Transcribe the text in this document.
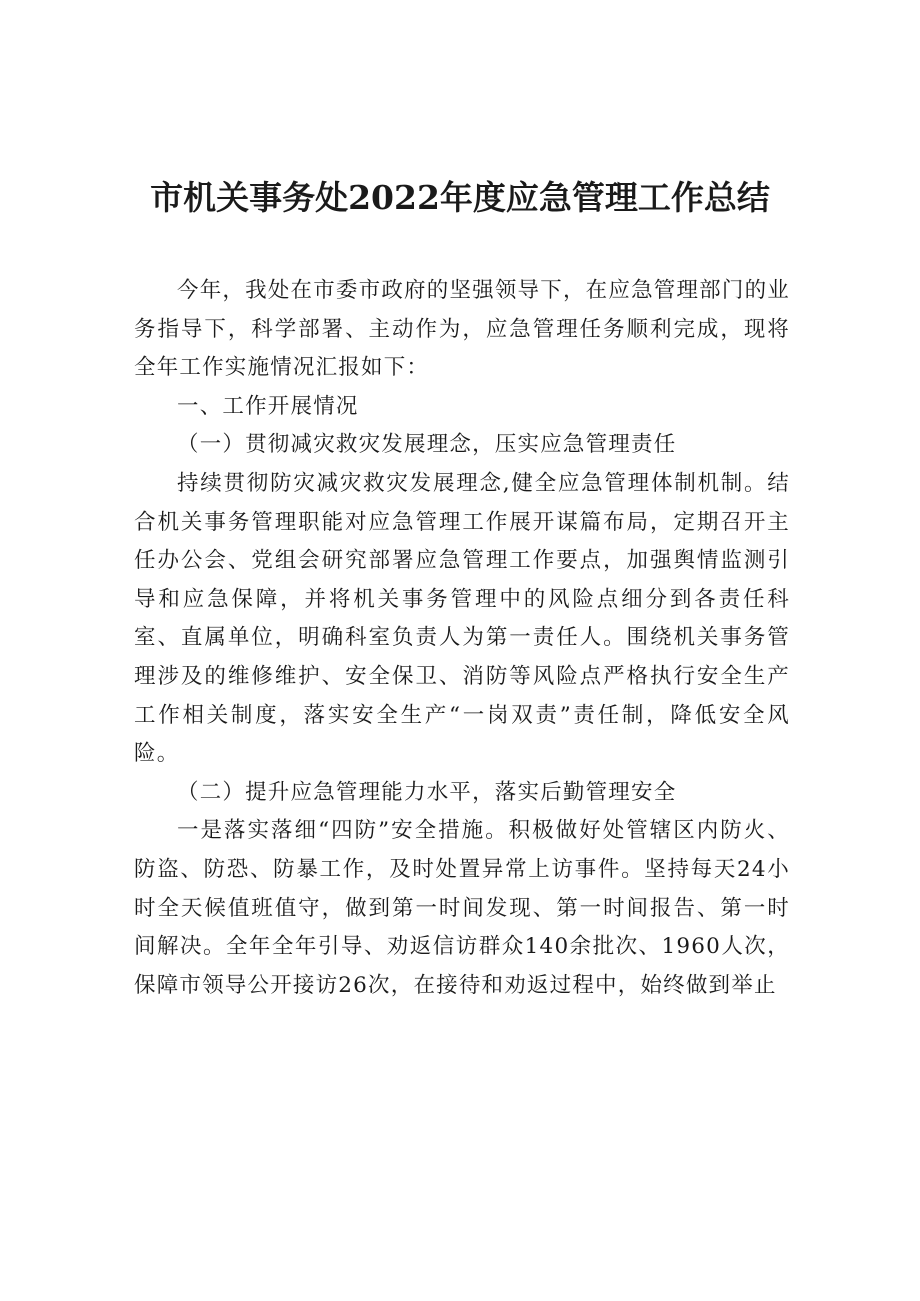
市机关事务处2022年度应急管理工作总结

今年，我处在市委市政府的坚强领导下，在应急管理部门的业务指导下，科学部署、主动作为，应急管理任务顺利完成，现将全年工作实施情况汇报如下：

一、工作开展情况

（一）贯彻减灾救灾发展理念，压实应急管理责任

持续贯彻防灾减灾救灾发展理念,健全应急管理体制机制。结合机关事务管理职能对应急管理工作展开谋篇布局，定期召开主任办公会、党组会研究部署应急管理工作要点，加强舆情监测引导和应急保障，并将机关事务管理中的风险点细分到各责任科室、直属单位，明确科室负责人为第一责任人。围绕机关事务管理涉及的维修维护、安全保卫、消防等风险点严格执行安全生产工作相关制度，落实安全生产“一岗双责”责任制，降低安全风险。

（二）提升应急管理能力水平，落实后勤管理安全

一是落实落细“四防”安全措施。积极做好处管辖区内防火、防盗、防恐、防暴工作，及时处置异常上访事件。坚持每天24小时全天候值班值守，做到第一时间发现、第一时间报告、第一时间解决。全年全年引导、劝返信访群众140余批次、1960人次，保障市领导公开接访26次，在接待和劝返过程中，始终做到举止
